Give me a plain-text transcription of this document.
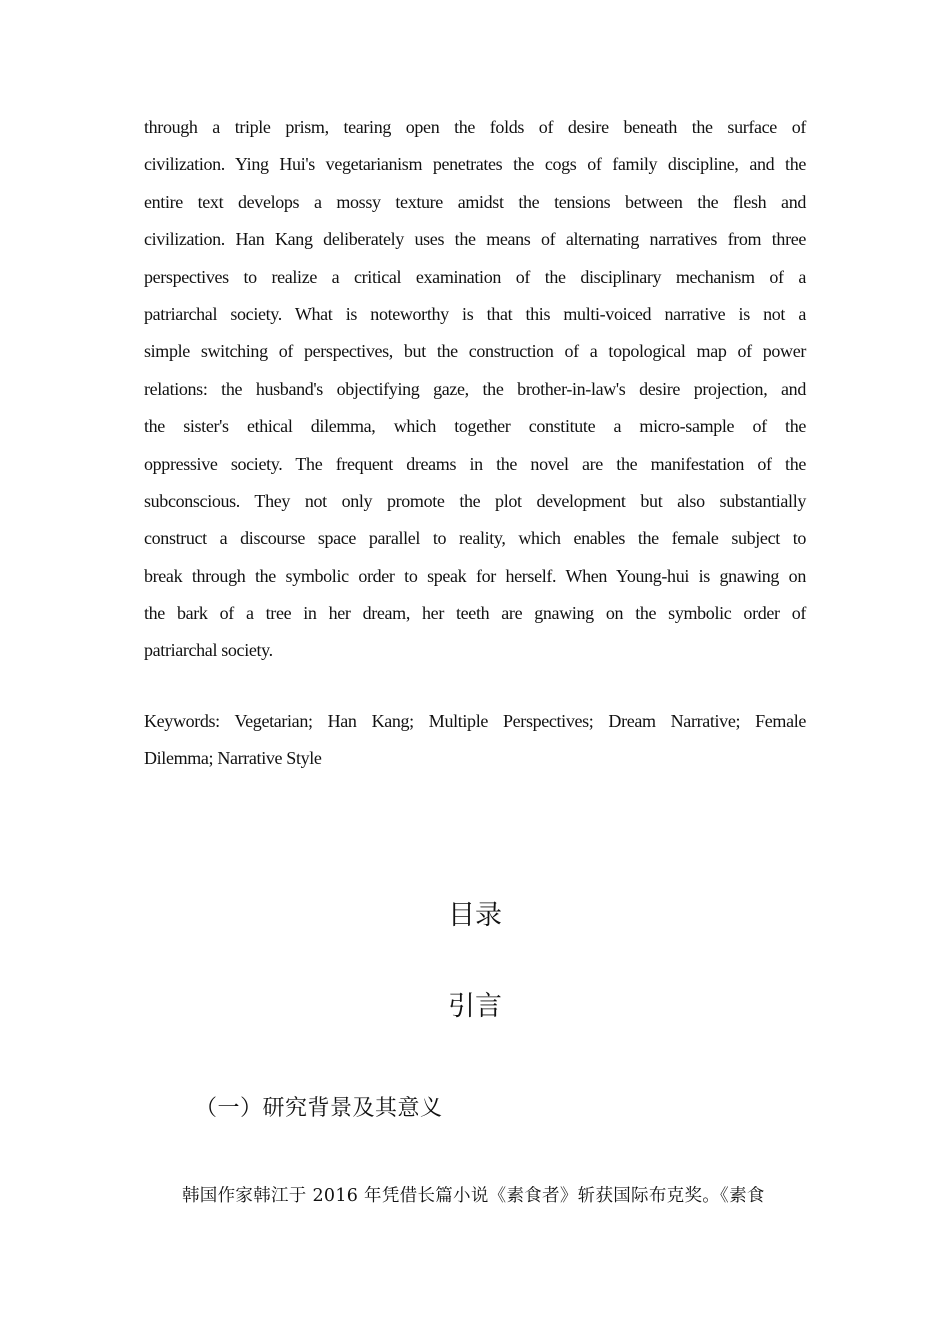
through a triple prism, tearing open the folds of desire beneath the surface of
civilization. Ying Hui's vegetarianism penetrates the cogs of family discipline, and the
entire text develops a mossy texture amidst the tensions between the flesh and
civilization. Han Kang deliberately uses the means of alternating narratives from three
perspectives to realize a critical examination of the disciplinary mechanism of a
patriarchal society. What is noteworthy is that this multi-voiced narrative is not a
simple switching of perspectives, but the construction of a topological map of power
relations: the husband's objectifying gaze, the brother-in-law's desire projection, and
the sister's ethical dilemma, which together constitute a micro-sample of the
oppressive society. The frequent dreams in the novel are the manifestation of the
subconscious. They not only promote the plot development but also substantially
construct a discourse space parallel to reality, which enables the female subject to
break through the symbolic order to speak for herself. When Young-hui is gnawing on
the bark of a tree in her dream, her teeth are gnawing on the symbolic order of
patriarchal society.
Keywords: Vegetarian; Han Kang; Multiple Perspectives; Dream Narrative; Female
Dilemma; Narrative Style
目录
引言
（一）研究背景及其意义

韩国作家韩江于 2016 年凭借长篇小说《素食者》斩获国际布克奖。《素食
